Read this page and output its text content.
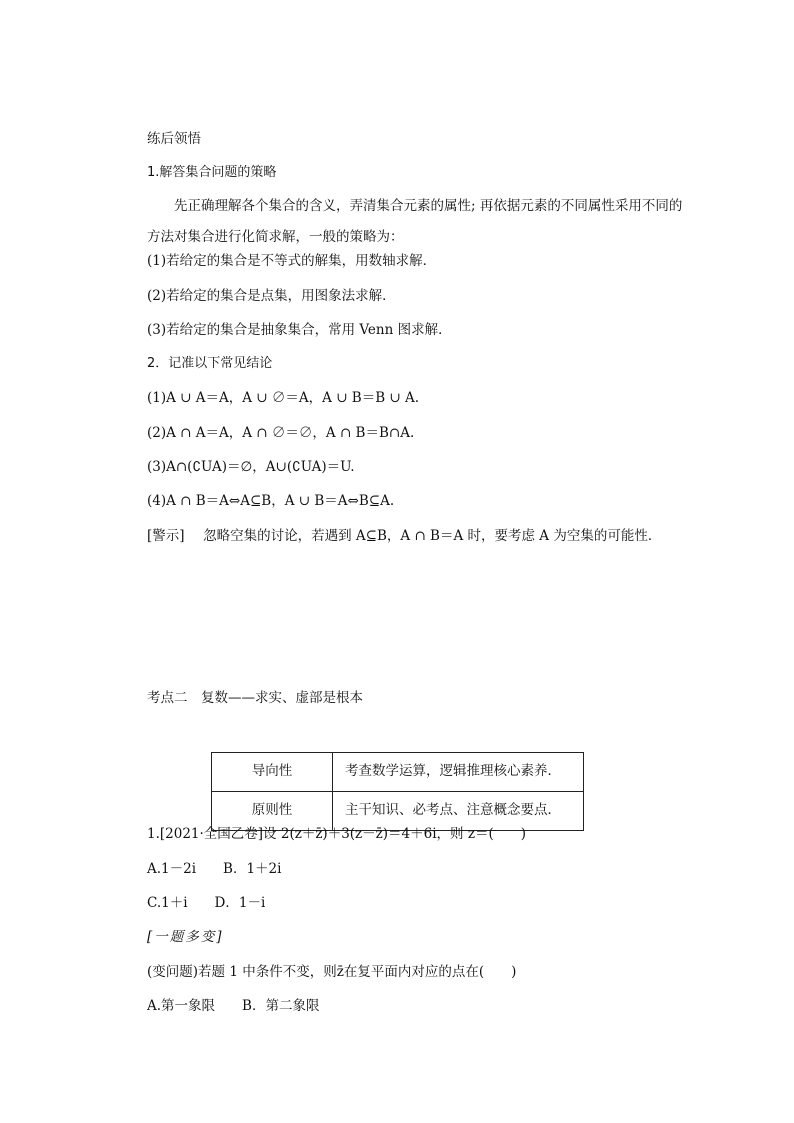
练后领悟
1.解答集合问题的策略
先正确理解各个集合的含义，弄清集合元素的属性; 再依据元素的不同属性采用不同的方法对集合进行化简求解，一般的策略为：
(1)若给定的集合是不等式的解集，用数轴求解．
(2)若给定的集合是点集，用图象法求解．
(3)若给定的集合是抽象集合，常用 Venn 图求解．
2．记准以下常见结论
(1)A ∪ A＝A，A ∪ ∅＝A，A ∪ B＝B ∪ A.
(2)A ∩ A＝A，A ∩ ∅＝∅，A ∩ B＝B∩A.
(3)A∩(∁UA)＝∅，A∪(∁UA)＝U.
(4)A ∩ B＝A⇔A⊆B，A ∪ B＝A⇔B⊆A.
[警示] 忽略空集的讨论，若遇到 A⊆B，A ∩ B＝A 时，要考虑 A 为空集的可能性．
考点二　复数——求实、虚部是根本
导向性	考查数学运算，逻辑推理核心素养．
原则性	主干知识、必考点、注意概念要点．
1.[2021·全国乙卷]设 2(z＋z̄)＋3(z－z̄)＝4＋6i，则 z＝(　　)
A.1－2i　　B．1＋2i
C.1＋i　　D．1－i
[一题多变]
(变问题)若题 1 中条件不变，则z̄在复平面内对应的点在(　　)
A.第一象限　　B．第二象限
